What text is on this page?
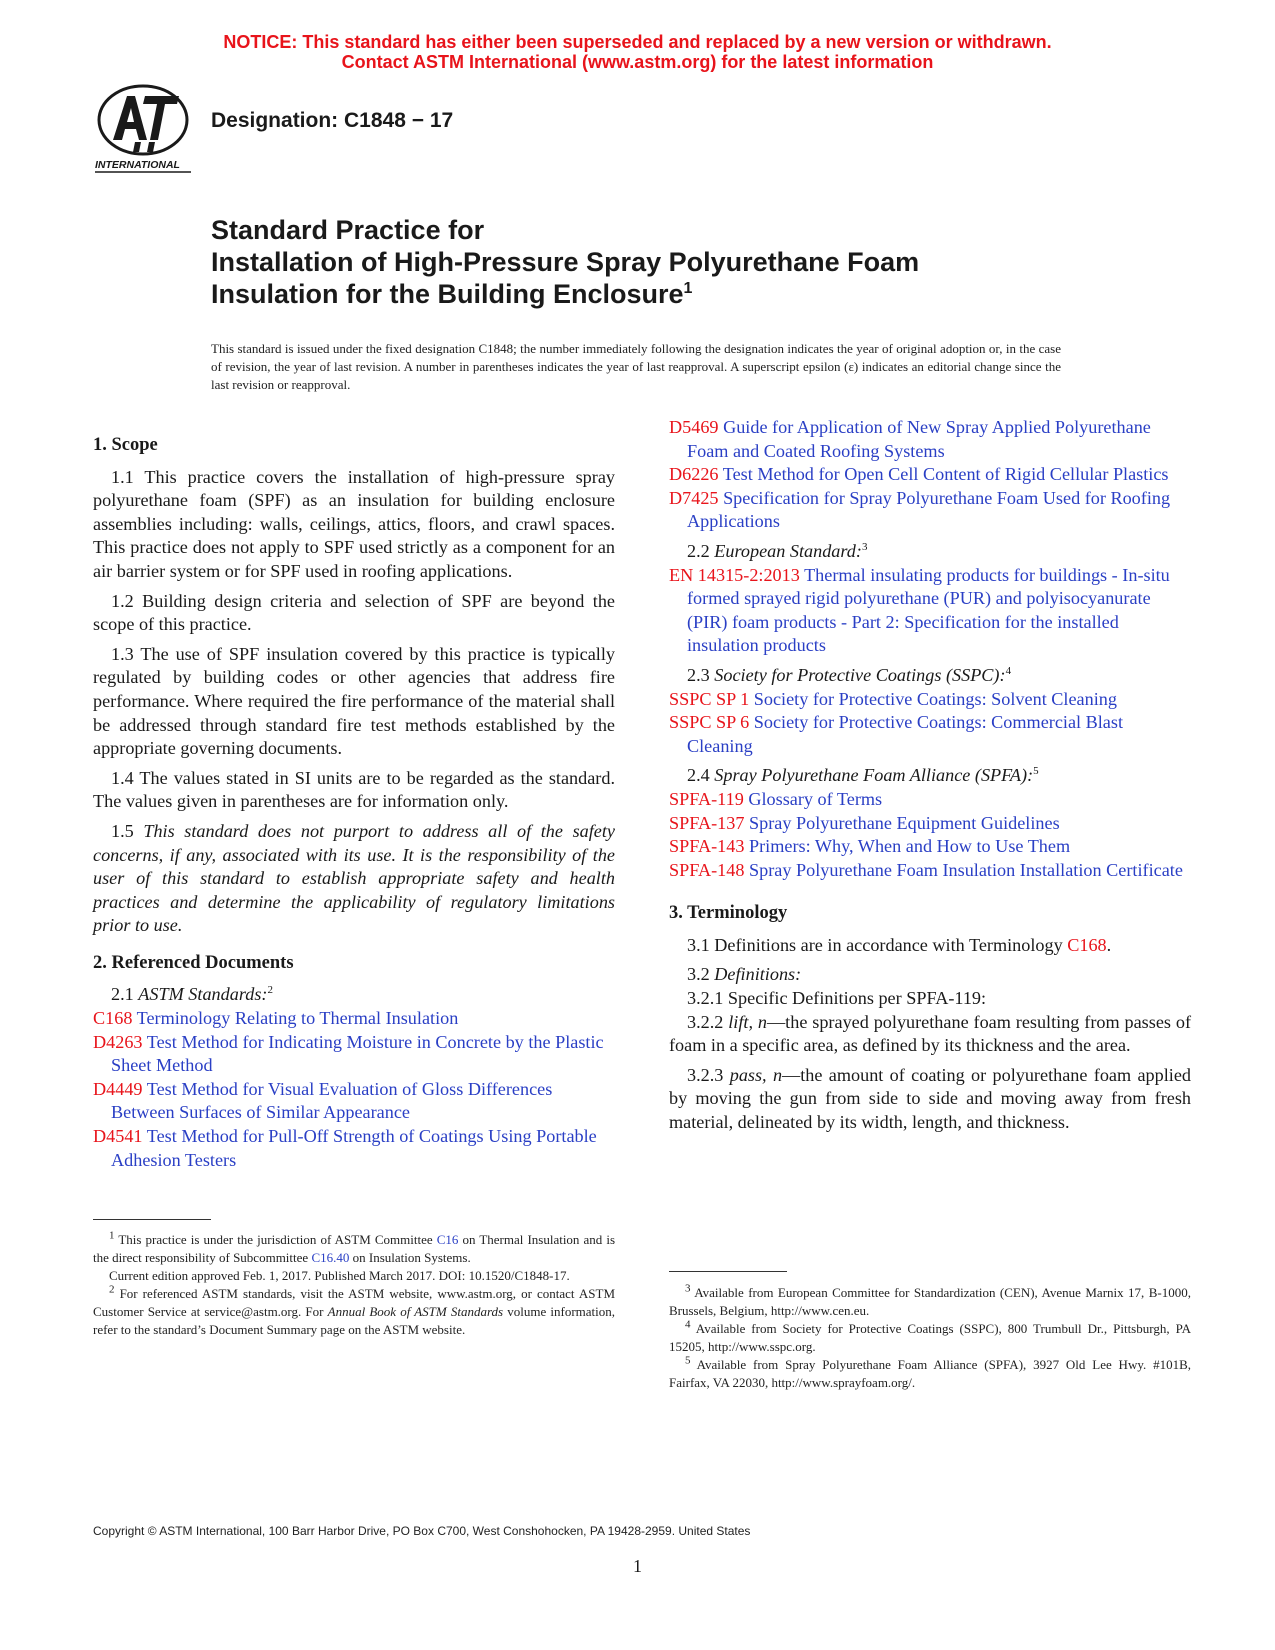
NOTICE: This standard has either been superseded and replaced by a new version or withdrawn.
Contact ASTM International (www.astm.org) for the latest information
INTERNATIONAL
Designation: C1848 − 17
Standard Practice for
Installation of High-Pressure Spray Polyurethane Foam
Insulation for the Building Enclosure$^1$
This standard is issued under the fixed designation C1848; the number immediately following the designation indicates the year of original adoption or, in the case of revision, the year of last revision. A number in parentheses indicates the year of last reapproval. A superscript epsilon (ε) indicates an editorial change since the last revision or reapproval.
1. Scope

1.1 This practice covers the installation of high-pressure spray polyurethane foam (SPF) as an insulation for building enclosure assemblies including: walls, ceilings, attics, floors, and crawl spaces. This practice does not apply to SPF used strictly as a component for an air barrier system or for SPF used in roofing applications.

1.2 Building design criteria and selection of SPF are beyond the scope of this practice.

1.3 The use of SPF insulation covered by this practice is typically regulated by building codes or other agencies that address fire performance. Where required the fire performance of the material shall be addressed through standard fire test methods established by the appropriate governing documents.

1.4 The values stated in SI units are to be regarded as the standard. The values given in parentheses are for information only.

1.5 This standard does not purport to address all of the safety concerns, if any, associated with its use. It is the responsibility of the user of this standard to establish appropriate safety and health practices and determine the applicability of regulatory limitations prior to use.

2. Referenced Documents
2.1 ASTM Standards:$^2$

C168 Terminology Relating to Thermal Insulation

D4263 Test Method for Indicating Moisture in Concrete by the Plastic Sheet Method

D4449 Test Method for Visual Evaluation of Gloss Differences Between Surfaces of Similar Appearance

D4541 Test Method for Pull-Off Strength of Coatings Using Portable Adhesion Testers

$^1$ This practice is under the jurisdiction of ASTM Committee C16 on Thermal Insulation and is the direct responsibility of Subcommittee C16.40 on Insulation Systems.

Current edition approved Feb. 1, 2017. Published March 2017. DOI: 10.1520/C1848-17.

$^2$ For referenced ASTM standards, visit the ASTM website, www.astm.org, or contact ASTM Customer Service at service@astm.org. For Annual Book of ASTM Standards volume information, refer to the standard’s Document Summary page on the ASTM website.

D5469 Guide for Application of New Spray Applied Polyurethane Foam and Coated Roofing Systems

D6226 Test Method for Open Cell Content of Rigid Cellular Plastics

D7425 Specification for Spray Polyurethane Foam Used for Roofing Applications

2.2 European Standard:$^3$

EN 14315-2:2013 Thermal insulating products for buildings - In-situ formed sprayed rigid polyurethane (PUR) and polyisocyanurate (PIR) foam products - Part 2: Specification for the installed insulation products

2.3 Society for Protective Coatings (SSPC):$^4$

SSPC SP 1 Society for Protective Coatings: Solvent Cleaning

SSPC SP 6 Society for Protective Coatings: Commercial Blast Cleaning

2.4 Spray Polyurethane Foam Alliance (SPFA):$^5$

SPFA-119 Glossary of Terms

SPFA-137 Spray Polyurethane Equipment Guidelines

SPFA-143 Primers: Why, When and How to Use Them

SPFA-148 Spray Polyurethane Foam Insulation Installation Certificate

3. Terminology

3.1 Definitions are in accordance with Terminology C168.

3.2 Definitions:
3.2.1 Specific Definitions per SPFA-119:

3.2.2 lift, n—the sprayed polyurethane foam resulting from passes of foam in a specific area, as defined by its thickness and the area.

3.2.3 pass, n—the amount of coating or polyurethane foam applied by moving the gun from side to side and moving away from fresh material, delineated by its width, length, and thickness.

$^3$ Available from European Committee for Standardization (CEN), Avenue Marnix 17, B-1000, Brussels, Belgium, http://www.cen.eu.

$^4$ Available from Society for Protective Coatings (SSPC), 800 Trumbull Dr., Pittsburgh, PA 15205, http://www.sspc.org.

$^5$ Available from Spray Polyurethane Foam Alliance (SPFA), 3927 Old Lee Hwy. #101B, Fairfax, VA 22030, http://www.sprayfoam.org/.

Copyright © ASTM International, 100 Barr Harbor Drive, PO Box C700, West Conshohocken, PA 19428-2959. United States
1
